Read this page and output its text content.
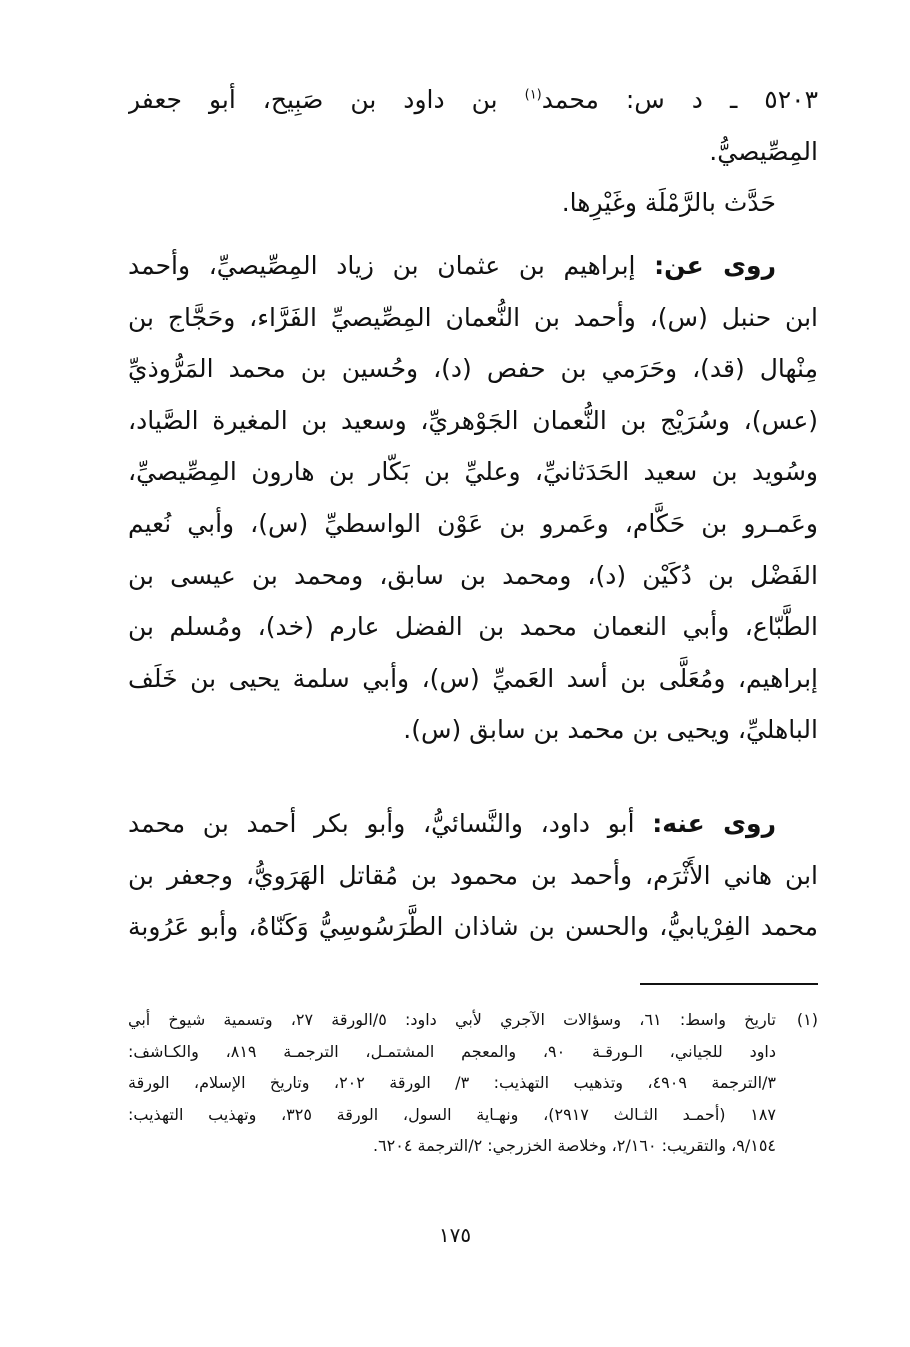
٥٢٠٣ ـ د س: محمد$^{(١)}$ بن داود بن صَبِيح، أبو جعفر
المِصِّيصيُّ.
حَدَّث بالرَّمْلَة وغَيْرِها.
روى عن: إبراهيم بن عثمان بن زياد المِصِّيصيِّ، وأحمد
ابن حنبل (س)، وأحمد بن النُّعمان المِصِّيصيِّ الفَرَّاء، وحَجَّاج بن
مِنْهال (قد)، وحَرَمي بن حفص (د)، وحُسين بن محمد المَرُّوذيِّ
(عس)، وسُرَيْج بن النُّعمان الجَوْهريِّ، وسعيد بن المغيرة الصَّياد،
وسُويد بن سعيد الحَدَثانيِّ، وعليِّ بن بَكّار بن هارون المِصِّيصيِّ،
وعَمـرو بن حَكَّام، وعَمرو بن عَوْن الواسطيِّ (س)، وأبي نُعيم
الفَضْل بن دُكَيْن (د)، ومحمد بن سابق، ومحمد بن عيسى بن
الطَّبّاع، وأبي النعمان محمد بن الفضل عارم (خد)، ومُسلم بن
إبراهيم، ومُعَلَّى بن أسد العَميِّ (س)، وأبي سلمة يحيى بن خَلَف
الباهليِّ، ويحيى بن محمد بن سابق (س).
روى عنه: أبو داود، والنَّسائيُّ، وأبو بكر أحمد بن محمد
ابن هاني الأَثْرَم، وأحمد بن محمود بن مُقاتل الهَرَويُّ، وجعفر بن
محمد الفِرْيابيُّ، والحسن بن شاذان الطَّرَسُوسِيُّ وَكَنّاهُ، وأبو عَرُوبة
(١)تاريخ واسط: ٦١، وسؤالات الآجري لأبي داود: ٥/الورقة ٢٧، وتسمية شيوخ أبي
داود للجياني، الـورقـة ٩٠، والمعجم المشتمـل، الترجمـة ٨١٩، والكـاشف:
٣/الترجمة ٤٩٠٩، وتذهيب التهذيب: ٣/ الورقة ٢٠٢، وتاريخ الإسلام، الورقة
١٨٧ (أحمـد الثـالث ٢٩١٧)، ونهـاية السول، الورقة ٣٢٥، وتهذيب التهذيب:
٩/١٥٤، والتقريب: ٢/١٦٠، وخلاصة الخزرجي: ٢/الترجمة ٦٢٠٤.
١٧٥
